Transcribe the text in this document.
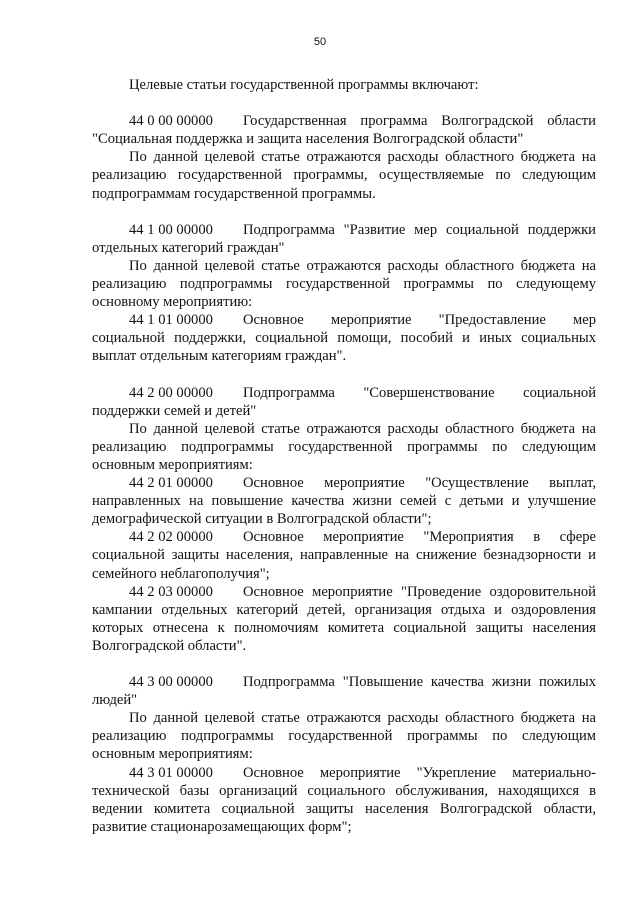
50

Целевые статьи государственной программы включают:

44 0 00 00000 Государственная программа Волгоградской области "Социальная поддержка и защита населения Волгоградской области"

По данной целевой статье отражаются расходы областного бюджета на реализацию государственной программы, осуществляемые по следующим подпрограммам государственной программы.

44 1 00 00000 Подпрограмма "Развитие мер социальной поддержки отдельных категорий граждан"

По данной целевой статье отражаются расходы областного бюджета на реализацию подпрограммы государственной программы по следующему основному мероприятию:

44 1 01 00000 Основное мероприятие "Предоставление мер социальной поддержки, социальной помощи, пособий и иных социальных выплат отдельным категориям граждан".

44 2 00 00000 Подпрограмма "Совершенствование социальной поддержки семей и детей"

По данной целевой статье отражаются расходы областного бюджета на реализацию подпрограммы государственной программы по следующим основным мероприятиям:

44 2 01 00000 Основное мероприятие "Осуществление выплат, направленных на повышение качества жизни семей с детьми и улучшение демографической ситуации в Волгоградской области";

44 2 02 00000 Основное мероприятие "Мероприятия в сфере социальной защиты населения, направленные на снижение безнадзорности и семейного неблагополучия";

44 2 03 00000 Основное мероприятие "Проведение оздоровительной кампании отдельных категорий детей, организация отдыха и оздоровления которых отнесена к полномочиям комитета социальной защиты населения Волгоградской области".

44 3 00 00000 Подпрограмма "Повышение качества жизни пожилых людей"

По данной целевой статье отражаются расходы областного бюджета на реализацию подпрограммы государственной программы по следующим основным мероприятиям:

44 3 01 00000 Основное мероприятие "Укрепление материально-технической базы организаций социального обслуживания, находящихся в ведении комитета социальной защиты населения Волгоградской области, развитие стационарозамещающих форм";
